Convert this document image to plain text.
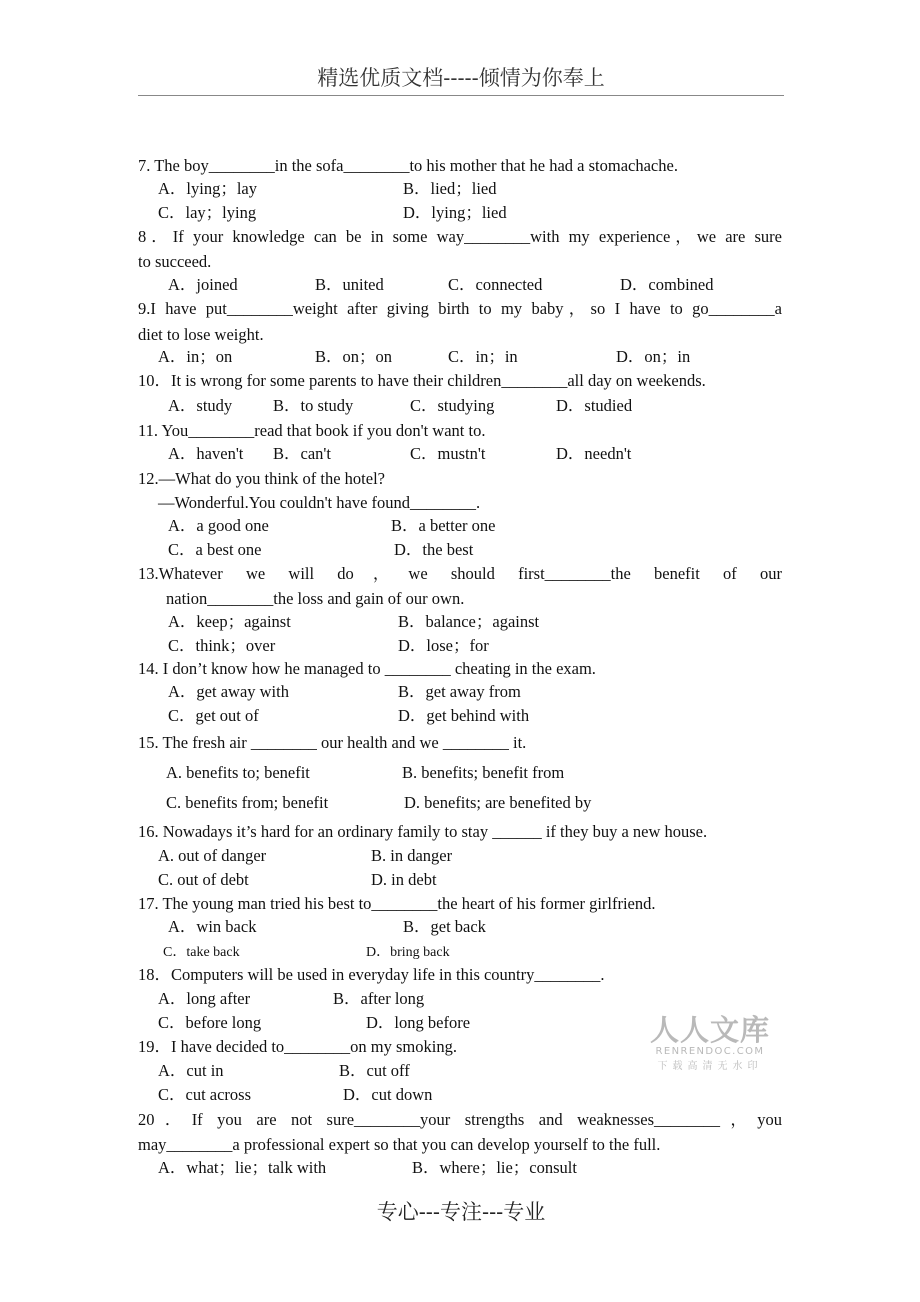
精选优质文档-----倾情为你奉上
7. The boy________in the sofa________to his mother that he had a stomachache.
A．lying；lay	B．lied；lied
C．lay；lying	D．lying；lied
8．If your knowledge can be in some way________with my experience，we are sure
to succeed.
A．joined	B．united	C．connected	D．combined
9.I have put________weight after giving birth to my baby，so I have to go________a
diet to lose weight.
A．in；on	B．on；on	C．in；in	D．on；in
10．It is wrong for some parents to have their children________all day on weekends.
A．study B．to study	C．studying	D．studied
11. You________read that book if you don't want to.
A．haven't B．can't	C．mustn't	D．needn't
12.—What do you think of the hotel?
—Wonderful.You couldn't have found________.
A．a good one	B．a better one
C．a best one	D．the best
13.Whatever we will do，we should first________the benefit of our
nation________the loss and gain of our own.
A．keep；against	B．balance；against
C．think；over	D．lose；for
14. I don’t know how he managed to ________ cheating in the exam.
A．get away with	B．get away from
C．get out of	D．get behind with
15. The fresh air ________ our health and we ________ it.
A. benefits to; benefit	B. benefits; benefit from
C. benefits from; benefit	D. benefits; are benefited by
16. Nowadays it’s hard for an ordinary family to stay ______ if they buy a new house.
A. out of danger	B. in danger
C. out of debt	D. in debt
17. The young man tried his best to________the heart of his former girlfriend.
A．win back	B．get back
C．take back	D．bring back
18．Computers will be used in everyday life in this country________.
A．long after	B．after long
C．before long	D．long before
19．I have decided to________on my smoking.
A．cut in	B．cut off
C．cut across	D．cut down
20．If you are not sure________your strengths and weaknesses________，you
may________a professional expert so that you can develop yourself to the full.
A．what；lie；talk with	B．where；lie；consult
人人文库
RENRENDOC.COM
下载高清无水印
专心---专注---专业
